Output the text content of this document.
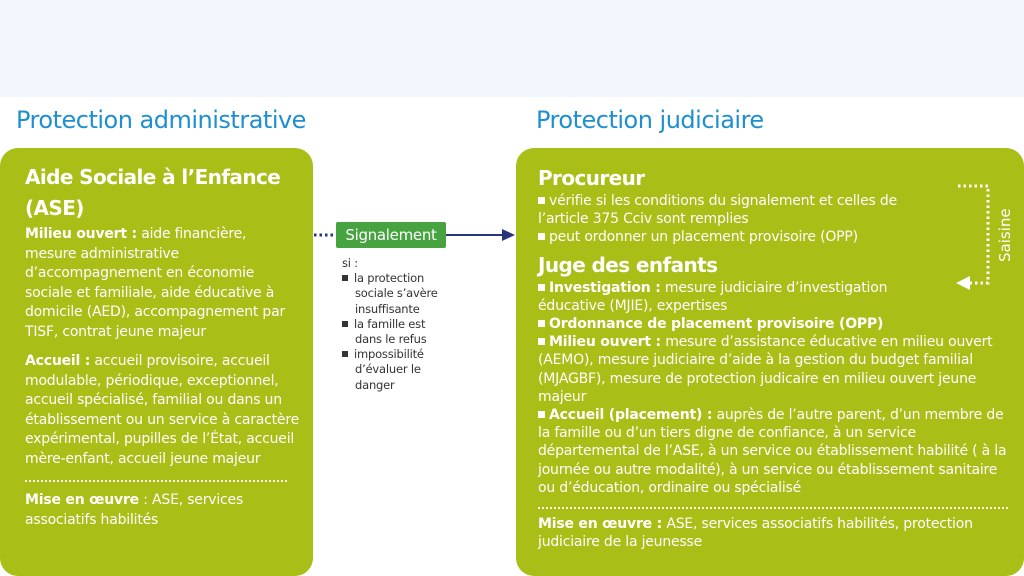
Protection administrative	Protection judiciaire
Aide Sociale à l’Enfance
(ASE)
Milieu ouvert : aide financière, mesure administrative d’accompagnement en économie sociale et familiale, aide éducative à domicile (AED), accompagnement par TISF, contrat jeune majeur
Accueil : accueil provisoire, accueil modulable, périodique, exceptionnel, accueil spécialisé, familial ou dans un établissement ou un service à caractère expérimental, pupilles de l’État, accueil mère-enfant, accueil jeune majeur
Mise en œuvre : ASE, services associatifs habilités
Signalement
si :
la protection sociale s’avère insuffisante
la famille est dans le refus
impossibilité d’évaluer le danger
Procureur
vérifie si les conditions du signalement et celles de l’article 375 Cciv sont remplies
peut ordonner un placement provisoire (OPP)
Juge des enfants
Investigation : mesure judiciaire d’investigation éducative (MJIE), expertises
Ordonnance de placement provisoire (OPP)
Milieu ouvert : mesure d’assistance éducative en milieu ouvert (AEMO), mesure judiciaire d’aide à la gestion du budget familial (MJAGBF), mesure de protection judicaire en milieu ouvert jeune majeur
Accueil (placement) : auprès de l’autre parent, d’un membre de la famille ou d’un tiers digne de confiance, à un service départemental de l’ASE, à un service ou établissement habilité ( à la journée ou autre modalité), à un service ou établissement sanitaire ou d’éducation, ordinaire ou spécialisé
Mise en œuvre : ASE, services associatifs habilités, protection judiciaire de la jeunesse
Saisine
